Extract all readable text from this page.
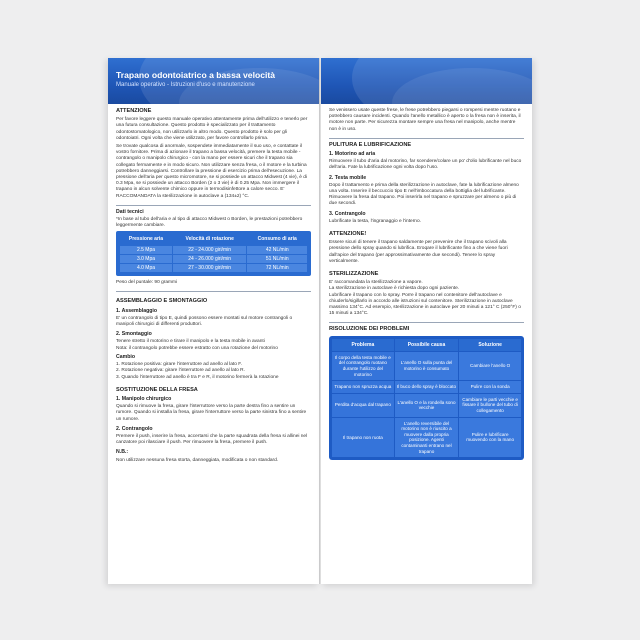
Trapano odontoiatrico a bassa velocità
Manuale operativo - Istruzioni d'uso e manutenzione
ATTENZIONE

Per favore leggere questo manuale operativo attentamente prima dell'utilizzo e tenerlo per una futura consultazione. Questo prodotto è specializzato per il trattamento odontostomatologico, non utilizzarlo in altro modo. Questo prodotto è solo per gli odontoiatri. Ogni volta che viene utilizzato, per favore controllarlo prima.

Se trovate qualcosa di anormale, sospendete immediatamente il suo uso, e contattate il vostro fornitore. Prima di azionare il trapano a bassa velocità, premere la testa mobile - contrangolo o manipolo chirurgico - con la mano per essere sicuri che il trapano sia collegato fermamente e in modo sicuro. Non utilizzare senza fresa, o il motore e la turbina potrebbero danneggiarsi. Controllare la pressione di esercizio prima dell'esecuzione. La pressione dell'aria per questo micromotore, se si possiede un attacco Midwest (4 vie), è di 0.3 Mpa, se si possiede un attacco Borden (2 o 3 vie) è di 0.25 Mpa. Non immergere il trapano in alcun solvente chimico oppure in termodisinfettore a calore secco. E' RACCOMANDATA la sterilizzazione in autoclave a (134±2) °C.

Dati tecnici

*In base al tubo dell'aria e al tipo di attacco Midwest o Borden, le prestazioni potrebbero leggermente cambiare.

Pressione aria	Velocità di rotazione	Consumo di aria
2.5 Mpa	22 - 24.000 giri/min	42 NL/min
3.0 Mpa	24 - 26.000 giri/min	51 NL/min
4.0 Mpa	27 - 30.000 giri/min	72 NL/min

Peso del puntale: 90 grammi

ASSEMBLAGGIO E SMONTAGGIO
1. Assemblaggio

E' un contrangolo di tipo E, quindi possono essere montati sul motore contrangoli o manipoli chirurgici di differenti produttori.

2. Smontaggio

Tenere stretto il motorino e tirare il manipolo e la testa mobile in avanti

Nota: il contrangolo potrebbe essere estratto con una rotazione del motorino

Cambio

1. Rotazione positiva: girare l'interruttore ad anello al lato F.

2. Rotazione negativa: girare l'interruttore ad anello al lato R.

3. Quando l'interruttore ad anello è tra F e R, il motorino fermerà la rotazione

SOSTITUZIONE DELLA FRESA
1. Manipolo chirurgico

Quando si rimuove la fresa, girare l'interruttore verso la parte destra fino a sentire un rumore. Quando si installa la fresa, girare l'interruttore verso la parte sinistra fino a sentire un rumore.

2. Contrangolo

Premere il push, inserire la fresa, accertarsi che la parte squadrata della fresa si allinei nel canzatore poi rilasciare il push. Per rimuovere la fresa, premere il push.

N.B.:

Non utilizzare nessuna fresa storta, danneggiata, modificata o non standard.

Se venissero usate queste frese, le frese potrebbero piegarsi o rompersi mentre ruotano e potrebbero causare incidenti. Quando l'anello metallico è aperto o la fresa non è inserita, il motore non parte. Per sicurezza montare sempre una fresa nel manipolo, anche mentre non è in uso.

PULITURA E LUBRIFICAZIONE
1. Motorino ad aria

Rimuovere il tubo d'aria dal motorino, far scendere/colare un po' d'olio lubrificante nel buco dell'aria. Fate la lubrificazione ogni volta dopo l'uso.

2. Testa mobile

Dopo il trattamento e prima della sterilizzazione in autoclave, fate la lubrificazione almeno una volta. Inserire il beccuccio tipo E nell'imboccatura della bottiglia del lubrificante. Rimuovere la fresa dal trapano. Poi inserirla nel trapano e spruzzare per almeno o più di due secondi.

3. Contrangolo

Lubrificate la testa, l'ingranaggio e l'interno.

ATTENZIONE!

Essere sicuri di tenere il trapano saldamente per prevenire che il trapano scivoli alla pressione dello spray quando si lubrifica. Eroqare il lubrificante fino a che viene fuori dall'apice del trapano (per approssimativamente due secondi). Tenere lo spray verticalmente.

STERILIZZAZIONE

E' raccomandata la sterilizzazione a vapore.

La sterilizzazione in autoclave è richiesta dopo ogni paziente.

Lubrificare il trapano con lo spray. Porre il trapano nel contenitore dell'autoclave e chiuderlo/sigillarlo in accordo alle istruzioni sul contenitore. Sterilizzazione in autoclave massimo 134°C. Ad esempio, sterilizzazione in autoclave per 20 minuti a 121° C (250°F) o 15 minuti a 134°C.

RISOLUZIONE DEI PROBLEMI
Problema	Possibile causa	Soluzione
Il corpo della testa mobile e del contrangolo ruotano durante l'utilizzo del motorino	L'anello O sulla punta del motorino è consumato	Cambiare l'anello O
Trapano non spruzza acqua	Il buco dello spray è bloccato	Pulire con la sonda
Perdita d'acqua dal trapano	L'anello O e la rondella sono vecchie	Cambiare le parti vecchie e fissare il bullone del tubo di collegamento
Il trapano non ruota	L'anello reversibile del motorino non è riuscito a muovere dalla propria posizione. Agenti contaminanti entrano nel trapano	Pulire e lubrificare muovendo con la mano
